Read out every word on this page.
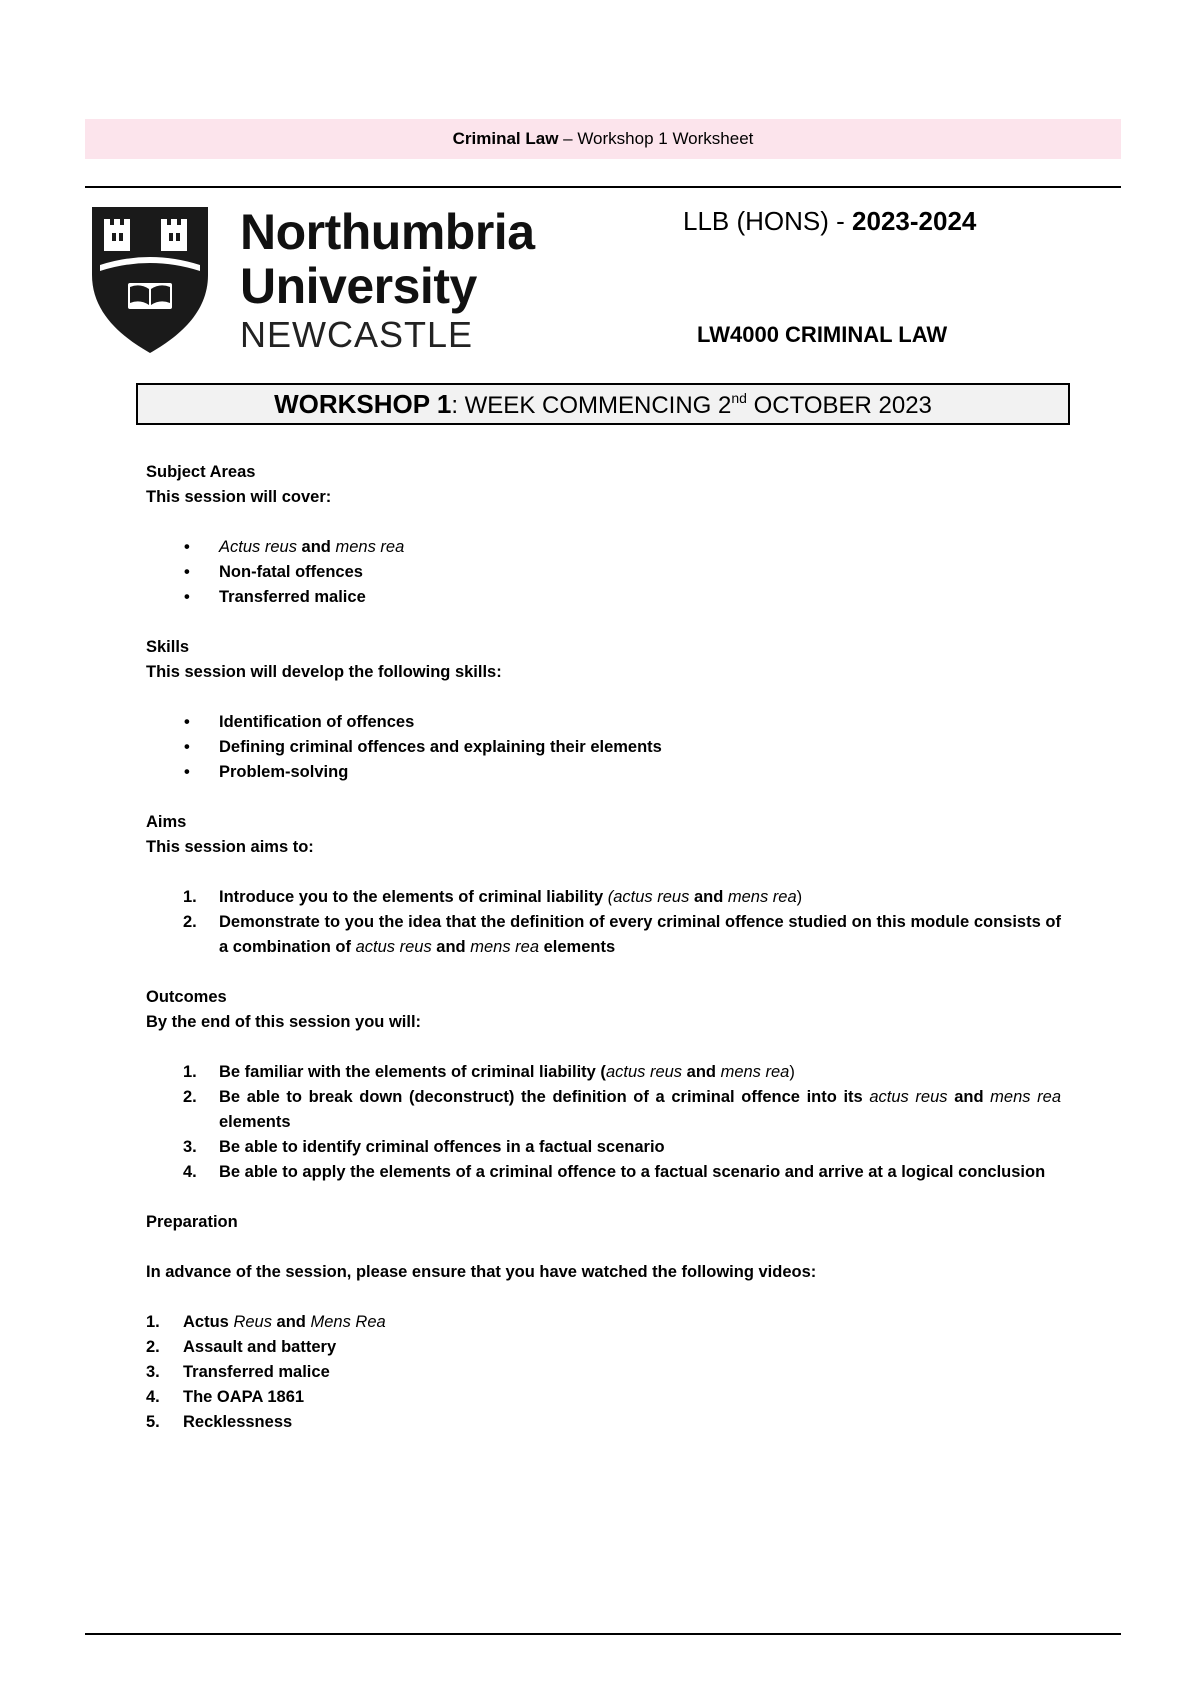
Criminal Law – Workshop 1 Worksheet
Northumbria
University
NEWCASTLE
LLB (HONS) - 2023-2024
LW4000 CRIMINAL LAW
WORKSHOP 1: WEEK COMMENCING 2nd OCTOBER 2023

Subject Areas

This session will cover:

• Actus reus and mens rea
• Non-fatal offences
• Transferred malice

Skills

This session will develop the following skills:

• Identification of offences
• Defining criminal offences and explaining their elements
• Problem-solving

Aims

This session aims to:

1. Introduce you to the elements of criminal liability (actus reus and mens rea)
2. Demonstrate to you the idea that the definition of every criminal offence studied on this module consists of a combination of actus reus and mens rea elements

Outcomes

By the end of this session you will:

1. Be familiar with the elements of criminal liability (actus reus and mens rea)
2. Be able to break down (deconstruct) the definition of a criminal offence into its actus reus and mens rea elements
3. Be able to identify criminal offences in a factual scenario
4. Be able to apply the elements of a criminal offence to a factual scenario and arrive at a logical conclusion

Preparation

In advance of the session, please ensure that you have watched the following videos:

1. Actus Reus and Mens Rea
2. Assault and battery
3. Transferred malice
4. The OAPA 1861
5. Recklessness
